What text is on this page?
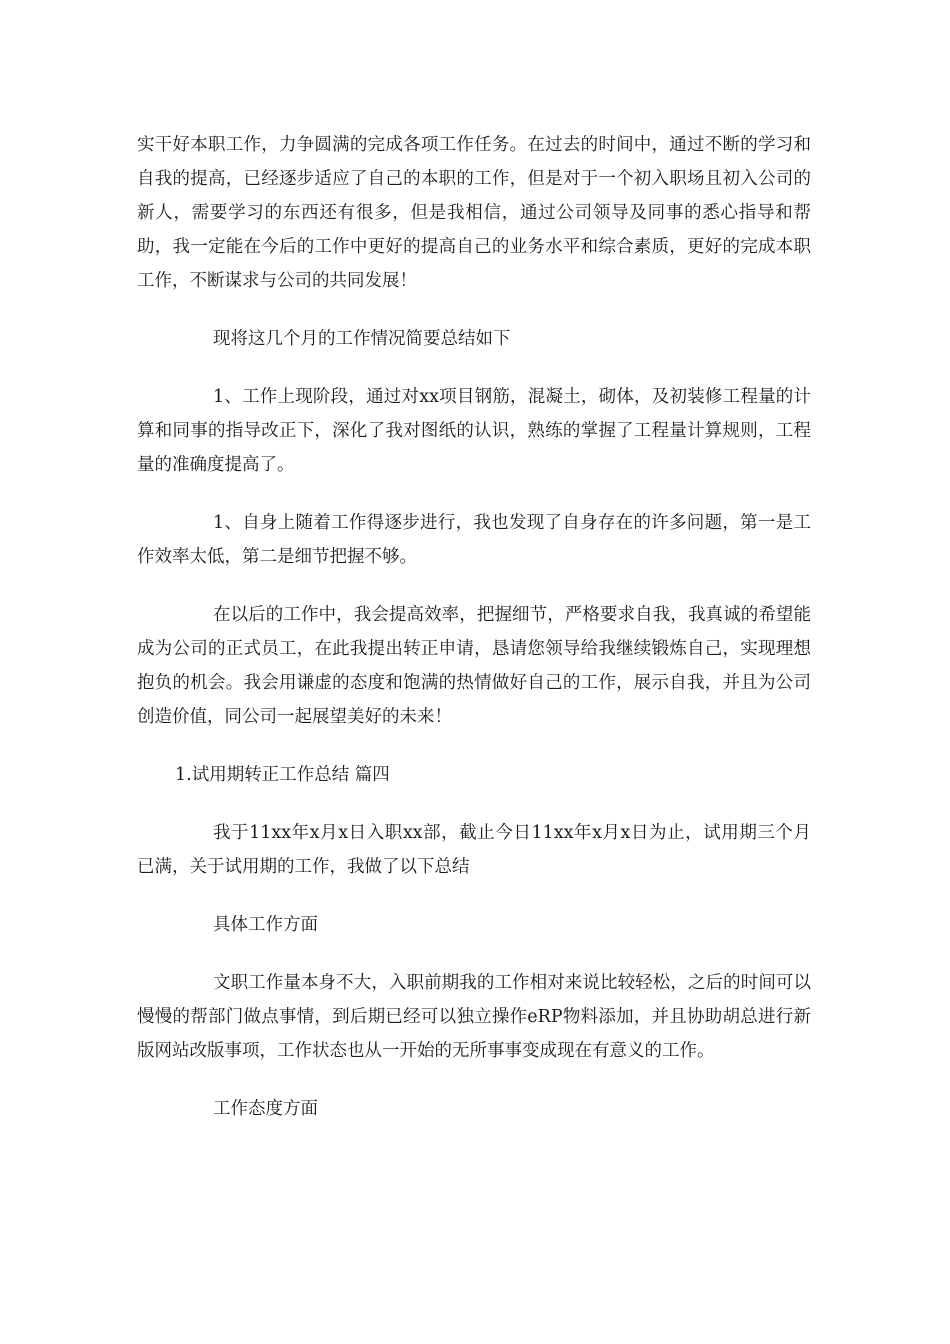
实干好本职工作，力争圆满的完成各项工作任务。在过去的时间中，通过不断的学习和自我的提高，已经逐步适应了自己的本职的工作，但是对于一个初入职场且初入公司的新人，需要学习的东西还有很多，但是我相信，通过公司领导及同事的悉心指导和帮助，我一定能在今后的工作中更好的提高自己的业务水平和综合素质，更好的完成本职工作，不断谋求与公司的共同发展！

现将这几个月的工作情况简要总结如下

1、工作上现阶段，通过对xx项目钢筋，混凝土，砌体，及初装修工程量的计算和同事的指导改正下，深化了我对图纸的认识，熟练的掌握了工程量计算规则，工程量的准确度提高了。

1、自身上随着工作得逐步进行，我也发现了自身存在的许多问题，第一是工作效率太低，第二是细节把握不够。

在以后的工作中，我会提高效率，把握细节，严格要求自我，我真诚的希望能成为公司的正式员工，在此我提出转正申请，恳请您领导给我继续锻炼自己，实现理想抱负的机会。我会用谦虚的态度和饱满的热情做好自己的工作，展示自我，并且为公司创造价值，同公司一起展望美好的未来！

1.试用期转正工作总结 篇四

我于11xx年x月x日入职xx部，截止今日11xx年x月x日为止，试用期三个月已满，关于试用期的工作，我做了以下总结

具体工作方面

文职工作量本身不大，入职前期我的工作相对来说比较轻松，之后的时间可以慢慢的帮部门做点事情，到后期已经可以独立操作eRP物料添加，并且协助胡总进行新版网站改版事项，工作状态也从一开始的无所事事变成现在有意义的工作。

工作态度方面
